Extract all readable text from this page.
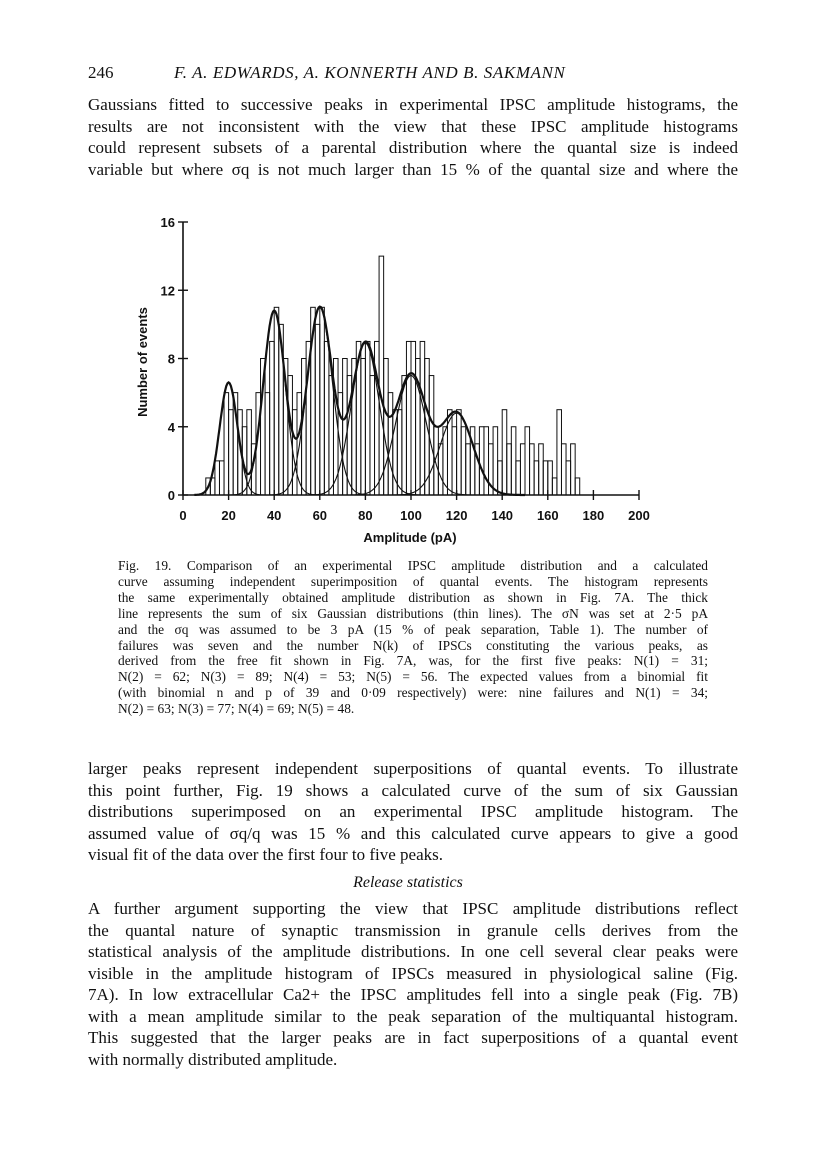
246	F. A. EDWARDS, A. KONNERTH AND B. SAKMANN
Gaussians fitted to successive peaks in experimental IPSC amplitude histograms, the
results are not inconsistent with the view that these IPSC amplitude histograms
could represent subsets of a parental distribution where the quantal size is indeed
variable but where σq is not much larger than 15 % of the quantal size and where the
0	20 40 60 80 100 120 140 160 180 200
0
4
8
12
16
Amplitude (pA)
Number of events
Fig. 19. Comparison of an experimental IPSC amplitude distribution and a calculated
curve assuming independent superimposition of quantal events. The histogram represents
the same experimentally obtained amplitude distribution as shown in Fig. 7A. The thick
line represents the sum of six Gaussian distributions (thin lines). The σN was set at 2·5 pA
and the σq was assumed to be 3 pA (15 % of peak separation, Table 1). The number of
failures was seven and the number N(k) of IPSCs constituting the various peaks, as
derived from the free fit shown in Fig. 7A, was, for the first five peaks: N(1) = 31;
N(2) = 62; N(3) = 89; N(4) = 53; N(5) = 56. The expected values from a binomial fit
(with binomial n and p of 39 and 0·09 respectively) were: nine failures and N(1) = 34;
N(2) = 63; N(3) = 77; N(4) = 69; N(5) = 48.
larger peaks represent independent superpositions of quantal events. To illustrate
this point further, Fig. 19 shows a calculated curve of the sum of six Gaussian
distributions superimposed on an experimental IPSC amplitude histogram. The
assumed value of σq/q was 15 % and this calculated curve appears to give a good
visual fit of the data over the first four to five peaks.
Release statistics
A further argument supporting the view that IPSC amplitude distributions reflect
the quantal nature of synaptic transmission in granule cells derives from the
statistical analysis of the amplitude distributions. In one cell several clear peaks were
visible in the amplitude histogram of IPSCs measured in physiological saline (Fig.
7A). In low extracellular Ca2+ the IPSC amplitudes fell into a single peak (Fig. 7B)
with a mean amplitude similar to the peak separation of the multiquantal histogram.
This suggested that the larger peaks are in fact superpositions of a quantal event
with normally distributed amplitude.
